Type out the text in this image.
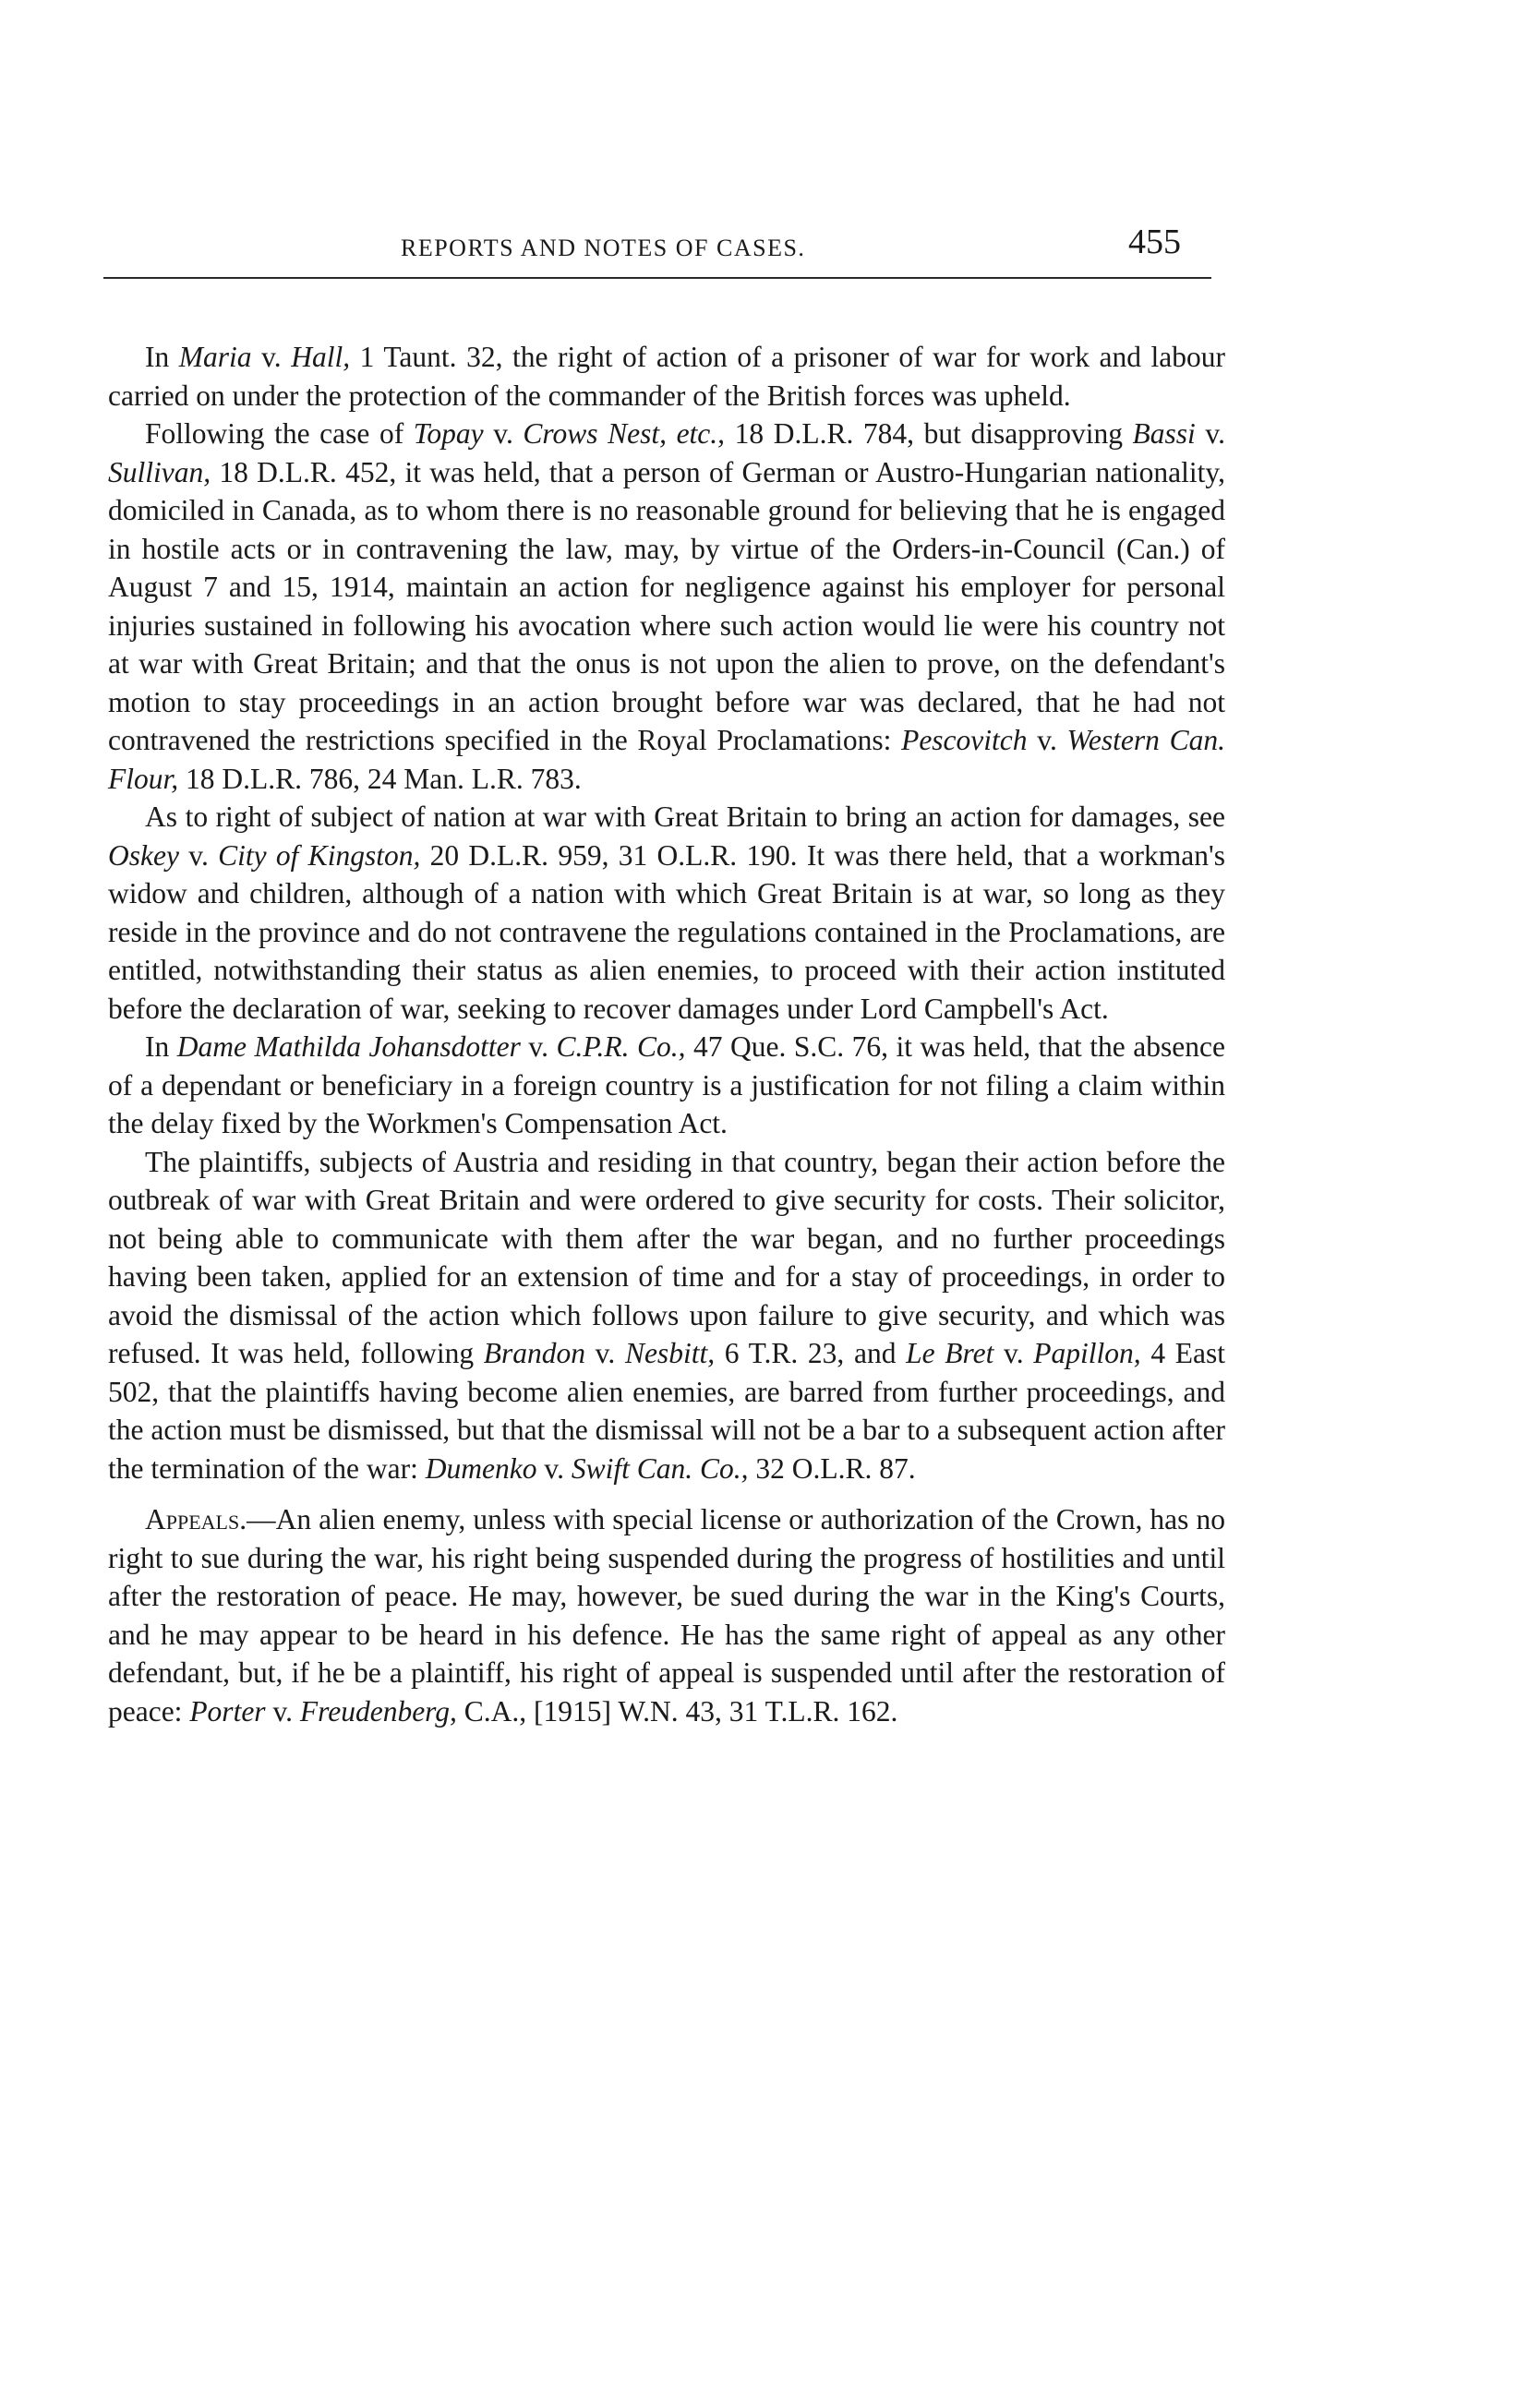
REPORTS AND NOTES OF CASES.	455

In Maria v. Hall, 1 Taunt. 32, the right of action of a prisoner of war for work and labour carried on under the protection of the commander of the British forces was upheld.

Following the case of Topay v. Crows Nest, etc., 18 D.L.R. 784, but disapproving Bassi v. Sullivan, 18 D.L.R. 452, it was held, that a person of German or Austro-Hungarian nationality, domiciled in Canada, as to whom there is no reasonable ground for believing that he is engaged in hostile acts or in contravening the law, may, by virtue of the Orders-in-Council (Can.) of August 7 and 15, 1914, maintain an action for negligence against his employer for personal injuries sustained in following his avocation where such action would lie were his country not at war with Great Britain; and that the onus is not upon the alien to prove, on the defendant's motion to stay proceedings in an action brought before war was declared, that he had not contravened the restrictions specified in the Royal Proclamations: Pescovitch v. Western Can. Flour, 18 D.L.R. 786, 24 Man. L.R. 783.

As to right of subject of nation at war with Great Britain to bring an action for damages, see Oskey v. City of Kingston, 20 D.L.R. 959, 31 O.L.R. 190. It was there held, that a workman's widow and children, although of a nation with which Great Britain is at war, so long as they reside in the province and do not contravene the regulations contained in the Proclamations, are entitled, notwithstanding their status as alien enemies, to proceed with their action instituted before the declaration of war, seeking to recover damages under Lord Campbell's Act.

In Dame Mathilda Johansdotter v. C.P.R. Co., 47 Que. S.C. 76, it was held, that the absence of a dependant or beneficiary in a foreign country is a justification for not filing a claim within the delay fixed by the Workmen's Compensation Act.

The plaintiffs, subjects of Austria and residing in that country, began their action before the outbreak of war with Great Britain and were ordered to give security for costs. Their solicitor, not being able to communicate with them after the war began, and no further proceedings having been taken, applied for an extension of time and for a stay of proceedings, in order to avoid the dismissal of the action which follows upon failure to give security, and which was refused. It was held, following Brandon v. Nesbitt, 6 T.R. 23, and Le Bret v. Papillon, 4 East 502, that the plaintiffs having become alien enemies, are barred from further proceedings, and the action must be dismissed, but that the dismissal will not be a bar to a subsequent action after the termination of the war: Dumenko v. Swift Can. Co., 32 O.L.R. 87.

Appeals.—An alien enemy, unless with special license or authorization of the Crown, has no right to sue during the war, his right being suspended during the progress of hostilities and until after the restoration of peace. He may, however, be sued during the war in the King's Courts, and he may appear to be heard in his defence. He has the same right of appeal as any other defendant, but, if he be a plaintiff, his right of appeal is suspended until after the restoration of peace: Porter v. Freudenberg, C.A., [1915] W.N. 43, 31 T.L.R. 162.
